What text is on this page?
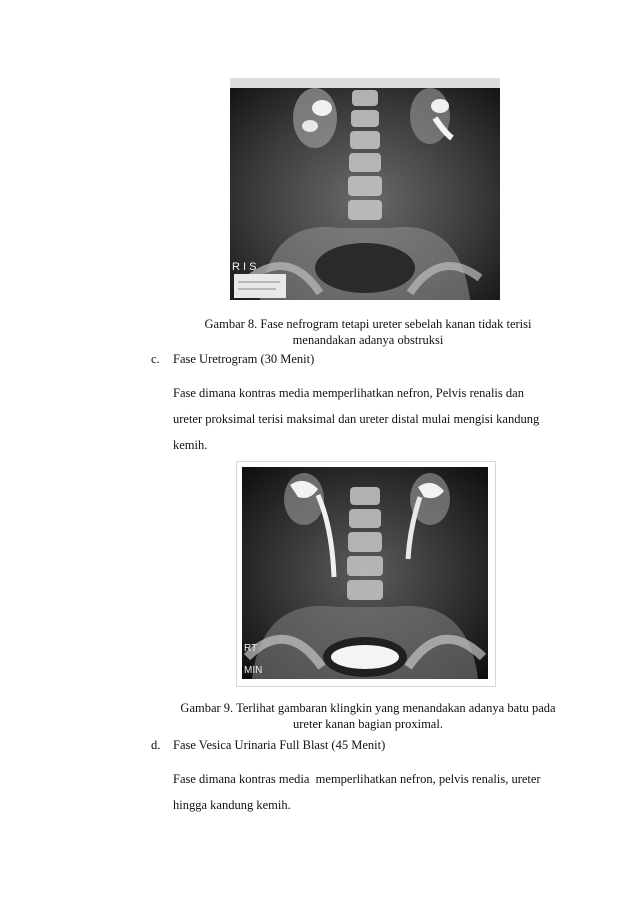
R I S
Gambar 8. Fase nefrogram tetapi ureter sebelah kanan tidak terisi
menandakan adanya obstruksi
c. Fase Uretrogram (30 Menit)
Fase dimana kontras media memperlihatkan nefron, Pelvis renalis dan
ureter proksimal terisi maksimal dan ureter distal mulai mengisi kandung
kemih.
RT
MIN
Gambar 9. Terlihat gambaran klingkin yang menandakan adanya batu pada
ureter kanan bagian proximal.
d. Fase Vesica Urinaria Full Blast (45 Menit)
Fase dimana kontras media  memperlihatkan nefron, pelvis renalis, ureter
hingga kandung kemih.
